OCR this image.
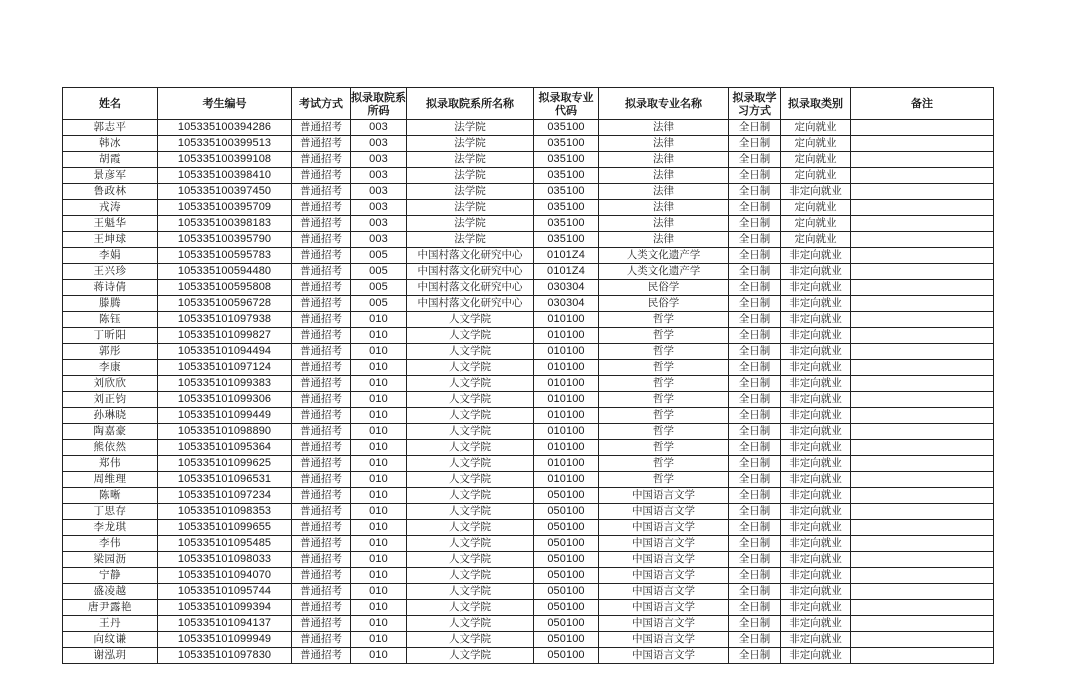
姓名	考生编号	考试方式	拟录取院系所码	拟录取院系所名称	拟录取专业代码	拟录取专业名称	拟录取学习方式	拟录取类别	备注
郭志平	105335100394286	普通招考	003	法学院	035100	法律	全日制	定向就业	
韩冰	105335100399513	普通招考	003	法学院	035100	法律	全日制	定向就业	
胡霞	105335100399108	普通招考	003	法学院	035100	法律	全日制	定向就业	
景彦军	105335100398410	普通招考	003	法学院	035100	法律	全日制	定向就业	
鲁政林	105335100397450	普通招考	003	法学院	035100	法律	全日制	非定向就业	
戎涛	105335100395709	普通招考	003	法学院	035100	法律	全日制	定向就业	
王魁华	105335100398183	普通招考	003	法学院	035100	法律	全日制	定向就业	
王坤球	105335100395790	普通招考	003	法学院	035100	法律	全日制	定向就业	
李娟	105335100595783	普通招考	005	中国村落文化研究中心	0101Z4	人类文化遗产学	全日制	非定向就业	
王兴珍	105335100594480	普通招考	005	中国村落文化研究中心	0101Z4	人类文化遗产学	全日制	非定向就业	
蒋诗倩	105335100595808	普通招考	005	中国村落文化研究中心	030304	民俗学	全日制	非定向就业	
滕腾	105335100596728	普通招考	005	中国村落文化研究中心	030304	民俗学	全日制	非定向就业	
陈钰	105335101097938	普通招考	010	人文学院	010100	哲学	全日制	非定向就业	
丁昕阳	105335101099827	普通招考	010	人文学院	010100	哲学	全日制	非定向就业	
郭彤	105335101094494	普通招考	010	人文学院	010100	哲学	全日制	非定向就业	
李康	105335101097124	普通招考	010	人文学院	010100	哲学	全日制	非定向就业	
刘欣欣	105335101099383	普通招考	010	人文学院	010100	哲学	全日制	非定向就业	
刘正钧	105335101099306	普通招考	010	人文学院	010100	哲学	全日制	非定向就业	
孙琳晓	105335101099449	普通招考	010	人文学院	010100	哲学	全日制	非定向就业	
陶嘉豪	105335101098890	普通招考	010	人文学院	010100	哲学	全日制	非定向就业	
熊依然	105335101095364	普通招考	010	人文学院	010100	哲学	全日制	非定向就业	
郑伟	105335101099625	普通招考	010	人文学院	010100	哲学	全日制	非定向就业	
周维理	105335101096531	普通招考	010	人文学院	010100	哲学	全日制	非定向就业	
陈晰	105335101097234	普通招考	010	人文学院	050100	中国语言文学	全日制	非定向就业	
丁思存	105335101098353	普通招考	010	人文学院	050100	中国语言文学	全日制	非定向就业	
李龙琪	105335101099655	普通招考	010	人文学院	050100	中国语言文学	全日制	非定向就业	
李伟	105335101095485	普通招考	010	人文学院	050100	中国语言文学	全日制	非定向就业	
梁园沥	105335101098033	普通招考	010	人文学院	050100	中国语言文学	全日制	非定向就业	
宁静	105335101094070	普通招考	010	人文学院	050100	中国语言文学	全日制	非定向就业	
盛凌越	105335101095744	普通招考	010	人文学院	050100	中国语言文学	全日制	非定向就业	
唐尹露艳	105335101099394	普通招考	010	人文学院	050100	中国语言文学	全日制	非定向就业	
王丹	105335101094137	普通招考	010	人文学院	050100	中国语言文学	全日制	非定向就业	
向纹谦	105335101099949	普通招考	010	人文学院	050100	中国语言文学	全日制	非定向就业	
谢泓玥	105335101097830	普通招考	010	人文学院	050100	中国语言文学	全日制	非定向就业	
